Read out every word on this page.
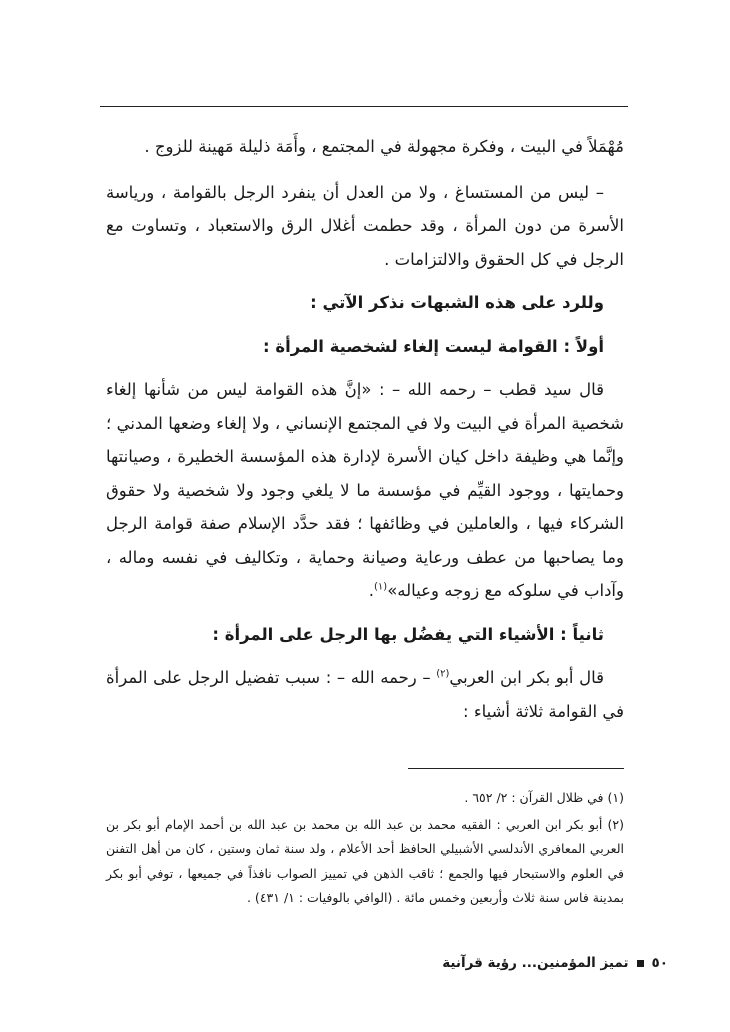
مُهْمَلاً في البيت ، وفكرة مجهولة في المجتمع ، وأَمَة ذليلة مَهينة للزوج .

– ليس من المستساغ ، ولا من العدل أن ينفرد الرجل بالقوامة ، ورياسة الأسرة من دون المرأة ، وقد حطمت أغلال الرق والاستعباد ، وتساوت مع الرجل في كل الحقوق والالتزامات .

وللرد على هذه الشبهات نذكر الآتي :

أولاً : القوامة ليست إلغاء لشخصية المرأة :

قال سيد قطب – رحمه الله – : «إنَّ هذه القوامة ليس من شأنها إلغاء شخصية المرأة في البيت ولا في المجتمع الإنساني ، ولا إلغاء وضعها المدني ؛ وإنَّما هي وظيفة داخل كيان الأسرة لإدارة هذه المؤسسة الخطيرة ، وصيانتها وحمايتها ، ووجود القيِّم في مؤسسة ما لا يلغي وجود ولا شخصية ولا حقوق الشركاء فيها ، والعاملين في وظائفها ؛ فقد حدَّد الإسلام صفة قوامة الرجل وما يصاحبها من عطف ورعاية وصيانة وحماية ، وتكاليف في نفسه وماله ، وآداب في سلوكه مع زوجه وعياله»$^{(١)}$.

ثانياً : الأشياء التي يفضُل بها الرجل على المرأة :

قال أبو بكر ابن العربي$^{(٢)}$ – رحمه الله – : سبب تفضيل الرجل على المرأة في القوامة ثلاثة أشياء :

(١) في ظلال القرآن : ٢/ ٦٥٢ .

(٢) أبو بكر ابن العربي : الفقيه محمد بن عبد الله بن محمد بن عبد الله بن أحمد الإمام أبو بكر بن العربي المعافري الأندلسي الأشبيلي الحافظ أحد الأعلام ، ولد سنة ثمان وستين ، كان من أهل التفنن في العلوم والاستبحار فيها والجمع ؛ ثاقب الذهن في تمييز الصواب نافذاً في جميعها ، توفي أبو بكر بمدينة فاس سنة ثلاث وأربعين وخمس مائة . (الوافي بالوفيات : ١/ ٤٣١) .

٥٠تميز المؤمنين... رؤية قرآنية
